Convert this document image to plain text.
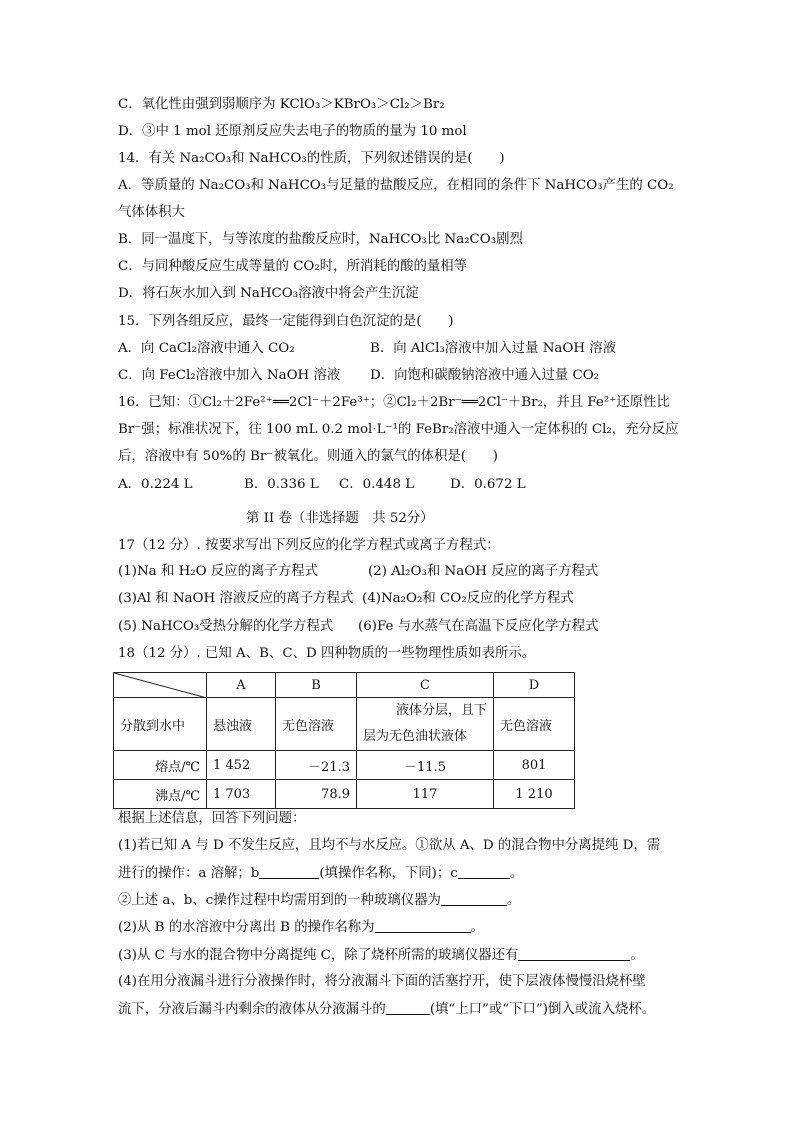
C．氧化性由强到弱顺序为 KClO₃＞KBrO₃＞Cl₂＞Br₂
D．③中 1 mol 还原剂反应失去电子的物质的量为 10 mol
14．有关 Na₂CO₃和 NaHCO₃的性质，下列叙述错误的是(　　)
A．等质量的 Na₂CO₃和 NaHCO₃与足量的盐酸反应，在相同的条件下 NaHCO₃产生的 CO₂
气体体积大
B．同一温度下，与等浓度的盐酸反应时，NaHCO₃比 Na₂CO₃剧烈
C．与同种酸反应生成等量的 CO₂时，所消耗的酸的量相等
D．将石灰水加入到 NaHCO₃溶液中将会产生沉淀
15．下列各组反应，最终一定能得到白色沉淀的是(　　)
A．向 CaCl₂溶液中通入 CO₂	B．向 AlCl₃溶液中加入过量 NaOH 溶液
C．向 FeCl₂溶液中加入 NaOH 溶液 D．向饱和碳酸钠溶液中通入过量 CO₂
16．已知：①Cl₂＋2Fe²⁺══2Cl⁻＋2Fe³⁺；②Cl₂＋2Br⁻══2Cl⁻＋Br₂，并且 Fe²⁺还原性比
Br⁻强；标准状况下，往 100 mL 0.2 mol·L⁻¹的 FeBr₂溶液中通入一定体积的 Cl₂，充分反应
后，溶液中有 50%的 Br⁻被氧化。则通入的氯气的体积是(　　)
A．0.224 L	B．0.336 L C．0.448 L	D．0.672 L
第 II 卷（非选择题　共 52分）
17（12 分）. 按要求写出下列反应的化学方程式或离子方程式：
(1)Na 和 H₂O 反应的离子方程式	(2) Al₂O₃和 NaOH 反应的离子方程式
(3)Al 和 NaOH 溶液反应的离子方程式 (4)Na₂O₂和 CO₂反应的化学方程式
(5) NaHCO₃受热分解的化学方程式 (6)Fe 与水蒸气在高温下反应化学方程式
18（12 分）. 已知 A、B、C、D 四种物质的一些物理性质如表所示。
	A	B	C	D
分散到水中	悬浊液	无色溶液	液体分层，且下
层为无色油状液体	无色溶液
熔点/℃	1 452	－21.3	－11.5	801
沸点/℃	1 703	78.9	117	1 210
根据上述信息，回答下列问题：
(1)若已知 A 与 D 不发生反应，且均不与水反应。①欲从 A、D 的混合物中分离提纯 D，需
进行的操作：a 溶解；b	(填操作名称，下同)；c	。
②上述 a、b、c操作过程中均需用到的一种玻璃仪器为	。
(2)从 B 的水溶液中分离出 B 的操作名称为	。
(3)从 C 与水的混合物中分离提纯 C，除了烧杯所需的玻璃仪器还有	。
(4)在用分液漏斗进行分液操作时，将分液漏斗下面的活塞拧开，使下层液体慢慢沿烧杯壁
流下，分液后漏斗内剩余的液体从分液漏斗的	(填“上口”或“下口”)倒入或流入烧杯。
